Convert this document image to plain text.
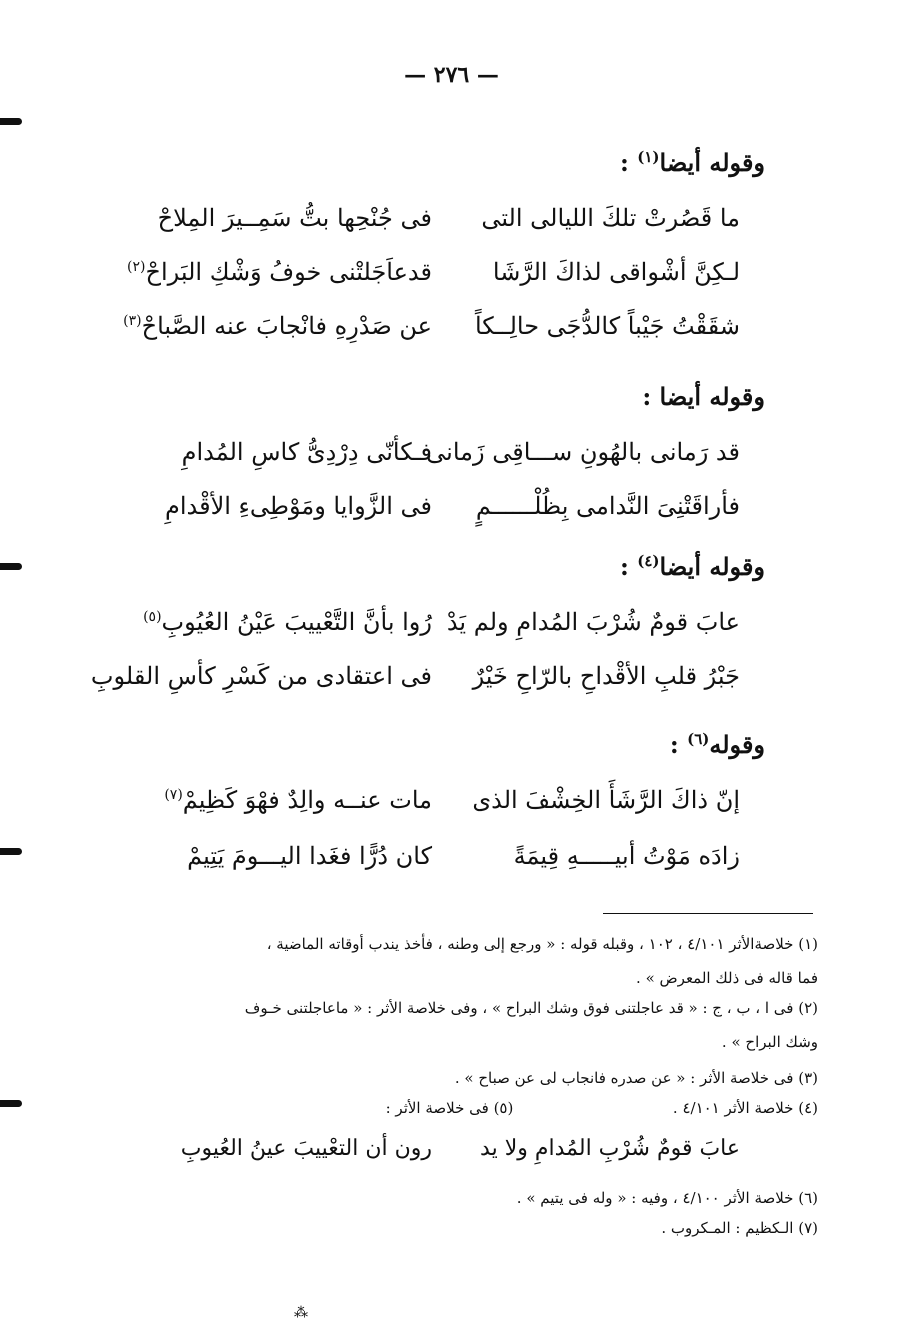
— ٢٧٦ —
وقوله أيضا$^{(١)}$ :
ما قَصُرتْ تلكَ الليالى التى
فى جُنْحِها بتُّ سَمِــيرَ المِلاحْ
لـكِنَّ أشْواقى لذاكَ الرَّشَا
قدعاَجَلتْنى خوفُ وَشْكِ البَراحْ$^{(٢)}$
شقَقْتُ جَيْباً كالدُّجَى حالِــكاً
عن صَدْرِهِ فانْجابَ عنه الصَّباحْ$^{(٣)}$
وقوله أيضا :
قد رَمانى بالهُونِ ســـاقِى زَمانى
فـكأنّى دِرْدِىُّ كاسِ المُدامِ
فأراقَتْنِىَ النَّدامى بِظُلْــــــمٍ
فى الزَّوايا ومَوْطِىءِ الأقْدامِ
وقوله أيضا$^{(٤)}$ :
عابَ قومٌ شُرْبَ المُدامِ ولم يَدْ
رُوا بأنَّ التَّعْييبَ عَيْنُ العُيُوبِ$^{(٥)}$
جَبْرُ قلبِ الأقْداحِ بالرّاحِ خَيْرٌ
فى اعتقادى من كَسْرِ كأسِ القلوبِ
وقوله$^{(٦)}$ :
إنّ ذاكَ الرَّشَأَ الخِشْفَ الذى
مات عنــه والِدٌ فهْوَ كَظِيمْ$^{(٧)}$
زادَه مَوْتُ أبيـــــهِ قِيمَةً
كان دُرًّا فغَدا اليـــومَ يَتِيمْ
(١) خلاصةالأثر ٤/١٠١ ، ١٠٢ ، وقبله قوله : « ورجع إلى وطنه ، فأخذ يندب أوقاته الماضية ،
فما قاله فى ذلك المعرض » .
(٢) فى ا ، ب ، ج : « قد عاجلتنى فوق وشك البراح » ، وفى خلاصة الأثر : « ماعاجلتنى خـوف
وشك البراح » .
(٣) فى خلاصة الأثر : « عن صدره فانجاب لى عن صباح » .
(٤) خلاصة الأثر ٤/١٠١ .  (٥) فى خلاصة الأثر :
عابَ قومٌ شُرْبِ المُدامِ ولا يد
رون أن التعْييبَ عينُ العُيوبِ
(٦) خلاصة الأثر ٤/١٠٠ ، وفيه : « وله فى يتيم » .
(٧) الـكظيم : المـكروب .
⁂
